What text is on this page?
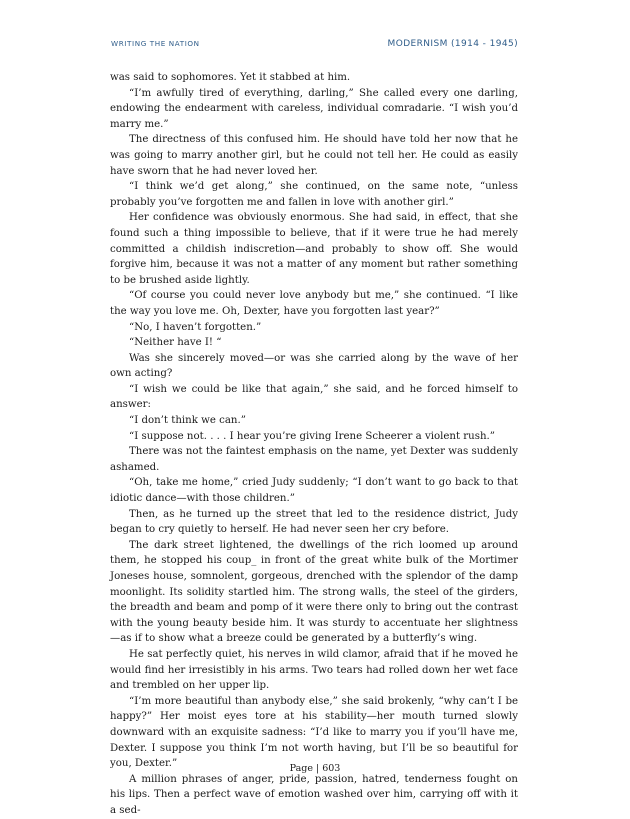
WRITING THE NATION	MODERNISM (1914 - 1945)

was said to sophomores. Yet it stabbed at him.

“I’m awfully tired of everything, darling,” She called every one darling, endowing the endearment with careless, individual comradarie. “I wish you’d marry me.”

The directness of this confused him. He should have told her now that he was going to marry another girl, but he could not tell her. He could as easily have sworn that he had never loved her.

“I think we’d get along,” she continued, on the same note, “unless probably you’ve forgotten me and fallen in love with another girl.”

Her confidence was obviously enormous. She had said, in effect, that she found such a thing impossible to believe, that if it were true he had merely committed a childish indiscretion—and probably to show off. She would forgive him, because it was not a matter of any moment but rather something to be brushed aside lightly.

“Of course you could never love anybody but me,” she continued. “I like the way you love me. Oh, Dexter, have you forgotten last year?”

“No, I haven’t forgotten.”

“Neither have I! “

Was she sincerely moved—or was she carried along by the wave of her own acting?

“I wish we could be like that again,” she said, and he forced himself to answer:

“I don’t think we can.”

“I suppose not. . . . I hear you’re giving Irene Scheerer a violent rush.”

There was not the faintest emphasis on the name, yet Dexter was suddenly ashamed.

“Oh, take me home,” cried Judy suddenly; “I don’t want to go back to that idiotic dance—with those children.”

Then, as he turned up the street that led to the residence district, Judy began to cry quietly to herself. He had never seen her cry before.

The dark street lightened, the dwellings of the rich loomed up around them, he stopped his coup_ in front of the great white bulk of the Mortimer Joneses house, somnolent, gorgeous, drenched with the splendor of the damp moonlight. Its solidity startled him. The strong walls, the steel of the girders, the breadth and beam and pomp of it were there only to bring out the contrast with the young beauty beside him. It was sturdy to accentuate her slightness—as if to show what a breeze could be generated by a butterfly’s wing.

He sat perfectly quiet, his nerves in wild clamor, afraid that if he moved he would find her irresistibly in his arms. Two tears had rolled down her wet face and trembled on her upper lip.

“I’m more beautiful than anybody else,” she said brokenly, “why can’t I be happy?” Her moist eyes tore at his stability—her mouth turned slowly downward with an exquisite sadness: “I’d like to marry you if you’ll have me, Dexter. I suppose you think I’m not worth having, but I’ll be so beautiful for you, Dexter.”

A million phrases of anger, pride, passion, hatred, tenderness fought on his lips. Then a perfect wave of emotion washed over him, carrying off with it a sed-

Page | 603
